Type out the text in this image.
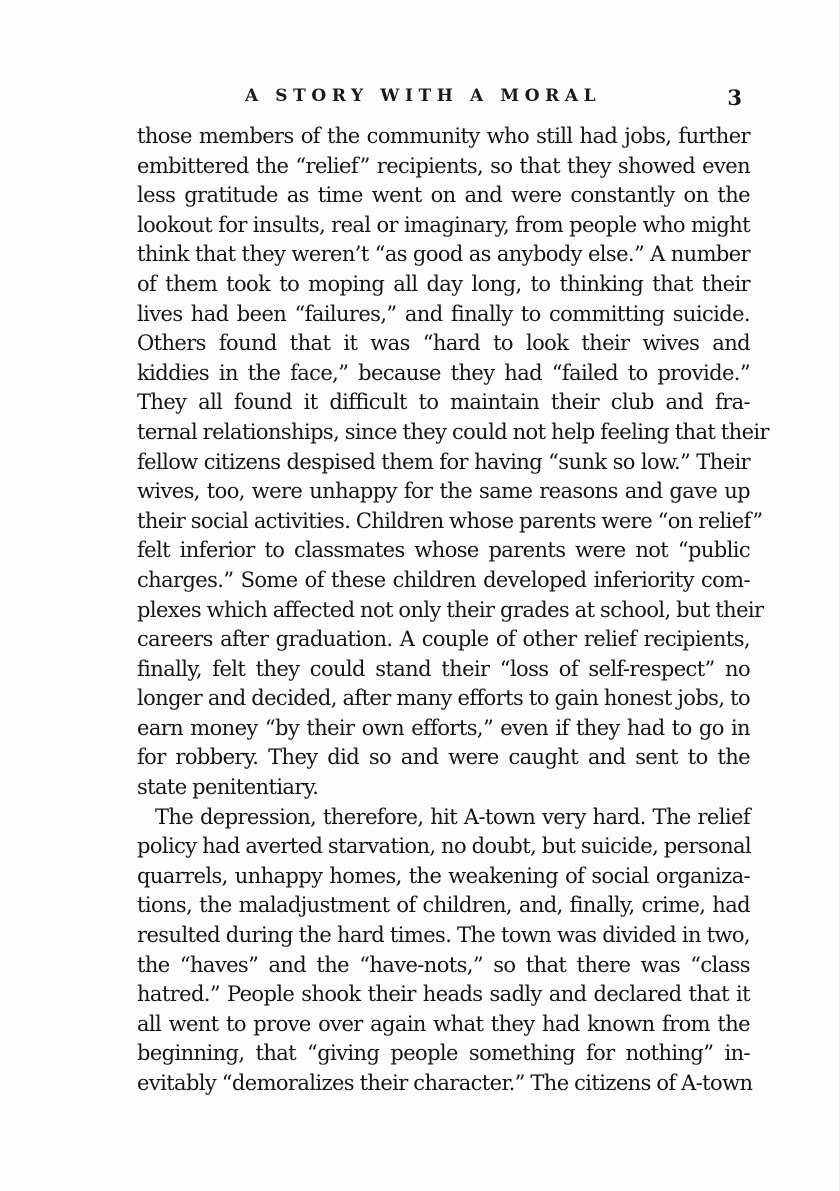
A STORY WITH A MORAL	3
those members of the community who still had jobs, further
embittered the “relief” recipients, so that they showed even
less gratitude as time went on and were constantly on the
lookout for insults, real or imaginary, from people who might
think that they weren’t “as good as anybody else.” A number
of them took to moping all day long, to thinking that their
lives had been “failures,” and finally to committing suicide.
Others found that it was “hard to look their wives and
kiddies in the face,” because they had “failed to provide.”
They all found it difficult to maintain their club and fra-
ternal relationships, since they could not help feeling that their
fellow citizens despised them for having “sunk so low.” Their
wives, too, were unhappy for the same reasons and gave up
their social activities. Children whose parents were “on relief”
felt inferior to classmates whose parents were not “public
charges.” Some of these children developed inferiority com-
plexes which affected not only their grades at school, but their
careers after graduation. A couple of other relief recipients,
finally, felt they could stand their “loss of self-respect” no
longer and decided, after many efforts to gain honest jobs, to
earn money “by their own efforts,” even if they had to go in
for robbery. They did so and were caught and sent to the
state penitentiary.
The depression, therefore, hit A-town very hard. The relief
policy had averted starvation, no doubt, but suicide, personal
quarrels, unhappy homes, the weakening of social organiza-
tions, the maladjustment of children, and, finally, crime, had
resulted during the hard times. The town was divided in two,
the “haves” and the “have-nots,” so that there was “class
hatred.” People shook their heads sadly and declared that it
all went to prove over again what they had known from the
beginning, that “giving people something for nothing” in-
evitably “demoralizes their character.” The citizens of A-town
